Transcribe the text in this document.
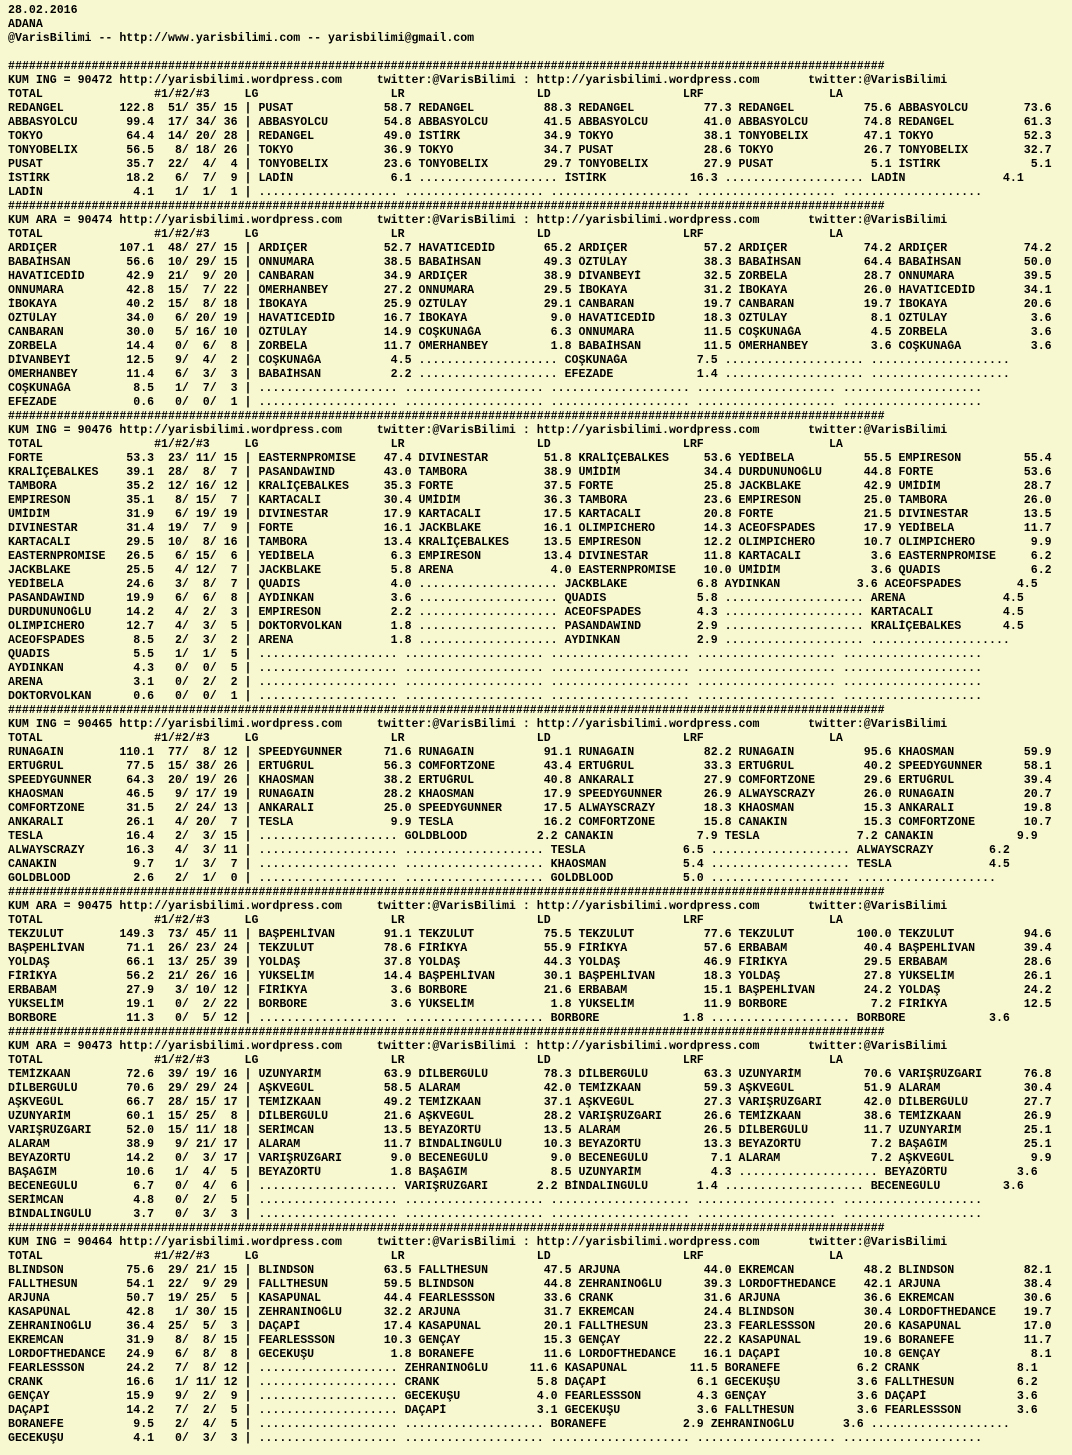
28.02.2016
ADANA
@VarisBilimi -- http://www.yarisbilimi.com -- yarisbilimi@gmail.com

##############################################################################################################################
KUM ING = 90472 http://yarisbilimi.wordpress.com     twitter:@VarisBilimi : http://yarisbilimi.wordpress.com       twitter:@VarisBilimi
TOTAL                #1/#2/#3     LG                   LR                   LD                   LRF                  LA
REDANGEL        122.8  51/ 35/ 15 | PUSAT             58.7 REDANGEL          88.3 REDANGEL          77.3 REDANGEL          75.6 ABBASYOLCU        73.6
ABBASYOLCU       99.4  17/ 34/ 36 | ABBASYOLCU        54.8 ABBASYOLCU        41.5 ABBASYOLCU        41.0 ABBASYOLCU        74.8 REDANGEL          61.3
TOKYO            64.4  14/ 20/ 28 | REDANGEL          49.0 İSTİRK            34.9 TOKYO             38.1 TONYOBELIX        47.1 TOKYO             52.3
TONYOBELIX       56.5   8/ 18/ 26 | TOKYO             36.9 TOKYO             34.7 PUSAT             28.6 TOKYO             26.7 TONYOBELIX        32.7
PUSAT            35.7  22/  4/  4 | TONYOBELIX        23.6 TONYOBELIX        29.7 TONYOBELIX        27.9 PUSAT              5.1 İSTİRK             5.1
İSTİRK           18.2   6/  7/  9 | LADİN              6.1 .................... İSTİRK            16.3 .................... LADİN              4.1
LADİN             4.1   1/  1/  1 | .................... .................... .................... .................... ....................
##############################################################################################################################
KUM ARA = 90474 http://yarisbilimi.wordpress.com     twitter:@VarisBilimi : http://yarisbilimi.wordpress.com       twitter:@VarisBilimi
TOTAL                #1/#2/#3     LG                   LR                   LD                   LRF                  LA
ARDIÇER         107.1  48/ 27/ 15 | ARDIÇER           52.7 HAVATICEDİD       65.2 ARDIÇER           57.2 ARDIÇER           74.2 ARDIÇER           74.2
BABAİHSAN        56.6  10/ 29/ 15 | ONNUMARA          38.5 BABAİHSAN         49.3 ÖZTÜLAY           38.3 BABAİHSAN         64.4 BABAİHSAN         50.0
HAVATICEDİD      42.9  21/  9/ 20 | CANBARAN          34.9 ARDIÇER           38.9 DİVANBEYİ         32.5 ZORBELA           28.7 ONNUMARA          39.5
ONNUMARA         42.8  15/  7/ 22 | ÖMERHANBEY        27.2 ONNUMARA          29.5 İBOKAYA           31.2 İBOKAYA           26.0 HAVATICEDİD       34.1
İBOKAYA          40.2  15/  8/ 18 | İBOKAYA           25.9 ÖZTÜLAY           29.1 CANBARAN          19.7 CANBARAN          19.7 İBOKAYA           20.6
ÖZTÜLAY          34.0   6/ 20/ 19 | HAVATICEDİD       16.7 İBOKAYA            9.0 HAVATICEDİD       18.3 ÖZTÜLAY            8.1 ÖZTÜLAY            3.6
CANBARAN         30.0   5/ 16/ 10 | ÖZTÜLAY           14.9 COŞKUNAĞA          6.3 ONNUMARA          11.5 COŞKUNAĞA          4.5 ZORBELA            3.6
ZORBELA          14.4   0/  6/  8 | ZORBELA           11.7 ÖMERHANBEY         1.8 BABAİHSAN         11.5 ÖMERHANBEY         3.6 COŞKUNAĞA          3.6
DİVANBEYİ        12.5   9/  4/  2 | COŞKUNAĞA          4.5 .................... COŞKUNAĞA          7.5 .................... ....................
ÖMERHANBEY       11.4   6/  3/  3 | BABAİHSAN          2.2 .................... EFEZADE            1.4 .................... ....................
COŞKUNAĞA         8.5   1/  7/  3 | .................... .................... .................... .................... ....................
EFEZADE           0.6   0/  0/  1 | .................... .................... .................... .................... ....................
##############################################################################################################################
KUM ING = 90476 http://yarisbilimi.wordpress.com     twitter:@VarisBilimi : http://yarisbilimi.wordpress.com       twitter:@VarisBilimi
TOTAL                #1/#2/#3     LG                   LR                   LD                   LRF                  LA
FORTE            53.3  23/ 11/ 15 | EASTERNPROMISE    47.4 DIVINESTAR        51.8 KRALİÇEBALKES     53.6 YEDİBELA          55.5 EMPIRESON         55.4
KRALİÇEBALKES    39.1  28/  8/  7 | PASANDAWIND       43.0 TAMBORA           38.9 ÜMİDİM            34.4 DURDUNUNOĞLU      44.8 FORTE             53.6
TAMBORA          35.2  12/ 16/ 12 | KRALİÇEBALKES     35.3 FORTE             37.5 FORTE             25.8 JACKBLAKE         42.9 ÜMİDİM            28.7
EMPIRESON        35.1   8/ 15/  7 | KARTACALI         30.4 ÜMİDİM            36.3 TAMBORA           23.6 EMPIRESON         25.0 TAMBORA           26.0
ÜMİDİM           31.9   6/ 19/ 19 | DIVINESTAR        17.9 KARTACALI         17.5 KARTACALI         20.8 FORTE             21.5 DIVINESTAR        13.5
DIVINESTAR       31.4  19/  7/  9 | FORTE             16.1 JACKBLAKE         16.1 OLIMPICHERO       14.3 ACEOFSPADES       17.9 YEDİBELA          11.7
KARTACALI        29.5  10/  8/ 16 | TAMBORA           13.4 KRALİÇEBALKES     13.5 EMPIRESON         12.2 OLIMPICHERO       10.7 OLIMPICHERO        9.9
EASTERNPROMISE   26.5   6/ 15/  6 | YEDİBELA           6.3 EMPIRESON         13.4 DIVINESTAR        11.8 KARTACALI          3.6 EASTERNPROMISE     6.2
JACKBLAKE        25.5   4/ 12/  7 | JACKBLAKE          5.8 ARENA              4.0 EASTERNPROMISE    10.0 ÜMİDİM             3.6 QUADIS             6.2
YEDİBELA         24.6   3/  8/  7 | QUADIS             4.0 .................... JACKBLAKE          6.8 AYDINKAN           3.6 ACEOFSPADES        4.5
PASANDAWIND      19.9   6/  6/  8 | AYDINKAN           3.6 .................... QUADIS             5.8 .................... ARENA              4.5
DURDUNUNOĞLU     14.2   4/  2/  3 | EMPIRESON          2.2 .................... ACEOFSPADES        4.3 .................... KARTACALI          4.5
OLIMPICHERO      12.7   4/  3/  5 | DOKTORVOLKAN       1.8 .................... PASANDAWIND        2.9 .................... KRALİÇEBALKES      4.5
ACEOFSPADES       8.5   2/  3/  2 | ARENA              1.8 .................... AYDINKAN           2.9 .................... ....................
QUADIS            5.5   1/  1/  5 | .................... .................... .................... .................... ....................
AYDINKAN          4.3   0/  0/  5 | .................... .................... .................... .................... ....................
ARENA             3.1   0/  2/  2 | .................... .................... .................... .................... ....................
DOKTORVOLKAN      0.6   0/  0/  1 | .................... .................... .................... .................... ....................
##############################################################################################################################
KUM ING = 90465 http://yarisbilimi.wordpress.com     twitter:@VarisBilimi : http://yarisbilimi.wordpress.com       twitter:@VarisBilimi
TOTAL                #1/#2/#3     LG                   LR                   LD                   LRF                  LA
RUNAGAIN        110.1  77/  8/ 12 | SPEEDYGUNNER      71.6 RUNAGAIN          91.1 RUNAGAIN          82.2 RUNAGAIN          95.6 KHAOSMAN          59.9
ERTUĞRUL         77.5  15/ 38/ 26 | ERTUĞRUL          56.3 COMFORTZONE       43.4 ERTUĞRUL          33.3 ERTUĞRUL          40.2 SPEEDYGUNNER      58.1
SPEEDYGUNNER     64.3  20/ 19/ 26 | KHAOSMAN          38.2 ERTUĞRUL          40.8 ANKARALI          27.9 COMFORTZONE       29.6 ERTUĞRUL          39.4
KHAOSMAN         46.5   9/ 17/ 19 | RUNAGAIN          28.2 KHAOSMAN          17.9 SPEEDYGUNNER      26.9 ALWAYSCRAZY       26.0 RUNAGAIN          20.7
COMFORTZONE      31.5   2/ 24/ 13 | ANKARALI          25.0 SPEEDYGUNNER      17.5 ALWAYSCRAZY       18.3 KHAOSMAN          15.3 ANKARALI          19.8
ANKARALI         26.1   4/ 20/  7 | TESLA              9.9 TESLA             16.2 COMFORTZONE       15.8 CANAKIN           15.3 COMFORTZONE       10.7
TESLA            16.4   2/  3/ 15 | .................... GOLDBLOOD          2.2 CANAKIN            7.9 TESLA              7.2 CANAKIN            9.9
ALWAYSCRAZY      16.3   4/  3/ 11 | .................... .................... TESLA              6.5 .................... ALWAYSCRAZY        6.2
CANAKIN           9.7   1/  3/  7 | .................... .................... KHAOSMAN           5.4 .................... TESLA              4.5
GOLDBLOOD         2.6   2/  1/  0 | .................... .................... GOLDBLOOD          5.0 .................... ....................
##############################################################################################################################
KUM ARA = 90475 http://yarisbilimi.wordpress.com     twitter:@VarisBilimi : http://yarisbilimi.wordpress.com       twitter:@VarisBilimi
TOTAL                #1/#2/#3     LG                   LR                   LD                   LRF                  LA
TEKZULUT        149.3  73/ 45/ 11 | BAŞPEHLİVAN       91.1 TEKZULUT          75.5 TEKZULUT          77.6 TEKZULUT         100.0 TEKZULUT          94.6
BAŞPEHLİVAN      71.1  26/ 23/ 24 | TEKZULUT          78.6 FİRİKYA           55.9 FİRİKYA           57.6 ERBABAM           40.4 BAŞPEHLİVAN       39.4
YOLDAŞ           66.1  13/ 25/ 39 | YOLDAŞ            37.8 YOLDAŞ            44.3 YOLDAŞ            46.9 FİRİKYA           29.5 ERBABAM           28.6
FİRİKYA          56.2  21/ 26/ 16 | YÜKSELİM          14.4 BAŞPEHLİVAN       30.1 BAŞPEHLİVAN       18.3 YOLDAŞ            27.8 YÜKSELİM          26.1
ERBABAM          27.9   3/ 10/ 12 | FİRİKYA            3.6 BORBORE           21.6 ERBABAM           15.1 BAŞPEHLİVAN       24.2 YOLDAŞ            24.2
YÜKSELİM         19.1   0/  2/ 22 | BORBORE            3.6 YÜKSELİM           1.8 YÜKSELİM          11.9 BORBORE            7.2 FİRİKYA           12.5
BORBORE          11.3   0/  5/ 12 | .................... .................... BORBORE            1.8 .................... BORBORE            3.6
##############################################################################################################################
KUM ARA = 90473 http://yarisbilimi.wordpress.com     twitter:@VarisBilimi : http://yarisbilimi.wordpress.com       twitter:@VarisBilimi
TOTAL                #1/#2/#3     LG                   LR                   LD                   LRF                  LA
TEMİZKAAN        72.6  39/ 19/ 16 | UZUNYARİM         63.9 DİLBERGÜLÜ        78.3 DİLBERGÜLÜ        63.3 UZUNYARİM         70.6 VARIŞRÜZGARI      76.8
DİLBERGÜLÜ       70.6  29/ 29/ 24 | AŞKVEGÜL          58.5 ALARAM            42.0 TEMİZKAAN         59.3 AŞKVEGÜL          51.9 ALARAM            30.4
AŞKVEGÜL         66.7  28/ 15/ 17 | TEMİZKAAN         49.2 TEMİZKAAN         37.1 AŞKVEGÜL          27.3 VARIŞRÜZGARI      42.0 DİLBERGÜLÜ        27.7
UZUNYARİM        60.1  15/ 25/  8 | DİLBERGÜLÜ        21.6 AŞKVEGÜL          28.2 VARIŞRÜZGARI      26.6 TEMİZKAAN         38.6 TEMİZKAAN         26.9
VARIŞRÜZGARI     52.0  15/ 11/ 18 | SERİMCAN          13.5 BEYAZÖRTÜ         13.5 ALARAM            26.5 DİLBERGÜLÜ        11.7 UZUNYARİM         25.1
ALARAM           38.9   9/ 21/ 17 | ALARAM            11.7 BİNDALINGÜLÜ      10.3 BEYAZÖRTÜ         13.3 BEYAZÖRTÜ          7.2 BAŞAĞIM           25.1
BEYAZÖRTÜ        14.2   0/  3/ 17 | VARIŞRÜZGARI       9.0 BECENEGÜLÜ         9.0 BECENEGÜLÜ         7.1 ALARAM             7.2 AŞKVEGÜL           9.9
BAŞAĞIM          10.6   1/  4/  5 | BEYAZÖRTÜ          1.8 BAŞAĞIM            8.5 UZUNYARİM          4.3 .................... BEYAZÖRTÜ          3.6
BECENEGÜLÜ        6.7   0/  4/  6 | .................... VARIŞRÜZGARI       2.2 BİNDALINGÜLÜ       1.4 .................... BECENEGÜLÜ         3.6
SERİMCAN          4.8   0/  2/  5 | .................... .................... .................... .................... ....................
BİNDALINGÜLÜ      3.7   0/  3/  3 | .................... .................... .................... .................... ....................
##############################################################################################################################
KUM ING = 90464 http://yarisbilimi.wordpress.com     twitter:@VarisBilimi : http://yarisbilimi.wordpress.com       twitter:@VarisBilimi
TOTAL                #1/#2/#3     LG                   LR                   LD                   LRF                  LA
BLINDSON         75.6  29/ 21/ 15 | BLINDSON          63.5 FALLTHESUN        47.5 ARJUNA            44.0 EKREMCAN          48.2 BLINDSON          82.1
FALLTHESUN       54.1  22/  9/ 29 | FALLTHESUN        59.5 BLINDSON          44.8 ZEHRANINOĞLU      39.3 LORDOFTHEDANCE    42.1 ARJUNA            38.4
ARJUNA           50.7  19/ 25/  5 | KASAPÜNAL         44.4 FEARLESSSON       33.6 CRANK             31.6 ARJUNA            36.6 EKREMCAN          30.6
KASAPÜNAL        42.8   1/ 30/ 15 | ZEHRANINOĞLU      32.2 ARJUNA            31.7 EKREMCAN          24.4 BLINDSON          30.4 LORDOFTHEDANCE    19.7
ZEHRANINOĞLU     36.4  25/  5/  3 | DAÇAPİ            17.4 KASAPÜNAL         20.1 FALLTHESUN        23.3 FEARLESSSON       20.6 KASAPÜNAL         17.0
EKREMCAN         31.9   8/  8/ 15 | FEARLESSSON       10.3 GENÇAY            15.3 GENÇAY            22.2 KASAPÜNAL         19.6 BORANEFE          11.7
LORDOFTHEDANCE   24.9   6/  8/  8 | GECEKUŞU           1.8 BORANEFE          11.6 LORDOFTHEDANCE    16.1 DAÇAPİ            10.8 GENÇAY             8.1
FEARLESSSON      24.2   7/  8/ 12 | .................... ZEHRANINOĞLU      11.6 KASAPÜNAL         11.5 BORANEFE           6.2 CRANK              8.1
CRANK            16.6   1/ 11/ 12 | .................... CRANK              5.8 DAÇAPİ             6.1 GECEKUŞU           3.6 FALLTHESUN         6.2
GENÇAY           15.9   9/  2/  9 | .................... GECEKUŞU           4.0 FEARLESSSON        4.3 GENÇAY             3.6 DAÇAPİ             3.6
DAÇAPİ           14.2   7/  2/  5 | .................... DAÇAPİ             3.1 GECEKUŞU           3.6 FALLTHESUN         3.6 FEARLESSSON        3.6
BORANEFE          9.5   2/  4/  5 | .................... .................... BORANEFE           2.9 ZEHRANINOĞLU       3.6 ....................
GECEKUŞU          4.1   0/  3/  3 | .................... .................... .................... .................... ....................
